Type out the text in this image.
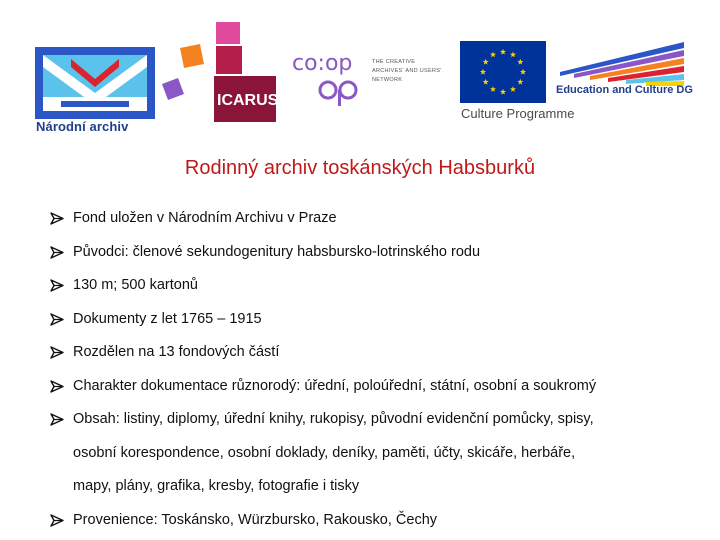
Národní archiv
ICARUS
co:op	THE CREATIVE
ARCHIVES' AND USERS'
NETWORK
Culture Programme
Education and Culture DG
Rodinný archiv toskánských Habsburků
Fond uložen v Národním Archivu v Praze
Původci: členové sekundogenitury habsbursko-lotrinského rodu
130 m; 500 kartonů
Dokumenty z let 1765 – 1915
Rozdělen na 13 fondových částí
Charakter dokumentace různorodý: úřední, poloúřední, státní, osobní a soukromý
Obsah: listiny, diplomy, úřední knihy, rukopisy, původní evidenční pomůcky, spisy,
osobní korespondence, osobní doklady, deníky, paměti, účty, skicáře, herbáře,
mapy, plány, grafika, kresby, fotografie i tisky
Provenience: Toskánsko, Würzbursko, Rakousko, Čechy
